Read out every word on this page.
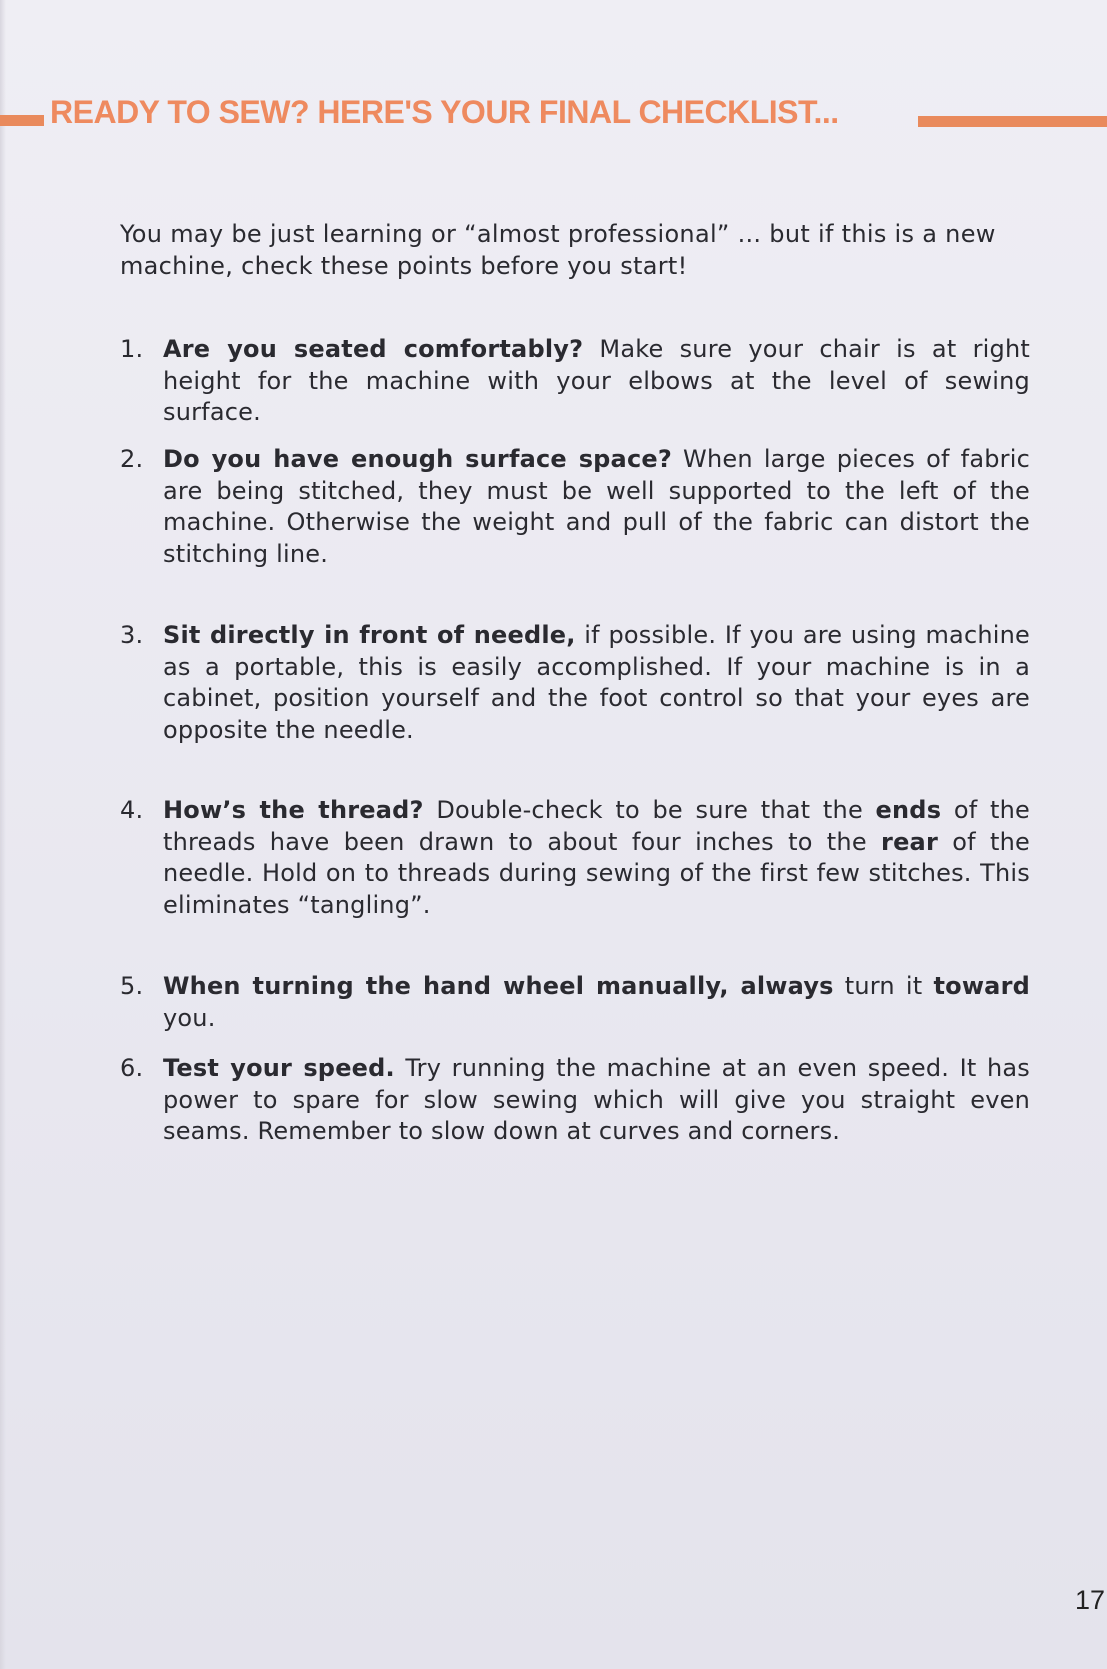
READY TO SEW? HERE'S YOUR FINAL CHECKLIST...

You may be just learning or “almost professional” ... but if this is a new machine, check these points before you start!

1. Are you seated comfortably? Make sure your chair is at right height for the machine with your elbows at the level of sewing surface.
2. Do you have enough surface space? When large pieces of fabric are being stitched, they must be well supported to the left of the machine. Otherwise the weight and pull of the fabric can distort the stitching line.
3. Sit directly in front of needle, if possible. If you are using machine as a portable, this is easily accomplished. If your machine is in a cabinet, position yourself and the foot control so that your eyes are opposite the needle.
4. How’s the thread? Double-check to be sure that the ends of the threads have been drawn to about four inches to the rear of the needle. Hold on to threads during sewing of the first few stitches. This eliminates “tangling”.
5. When turning the hand wheel manually, always turn it toward you.
6. Test your speed. Try running the machine at an even speed. It has power to spare for slow sewing which will give you straight even seams. Remember to slow down at curves and corners.
17
